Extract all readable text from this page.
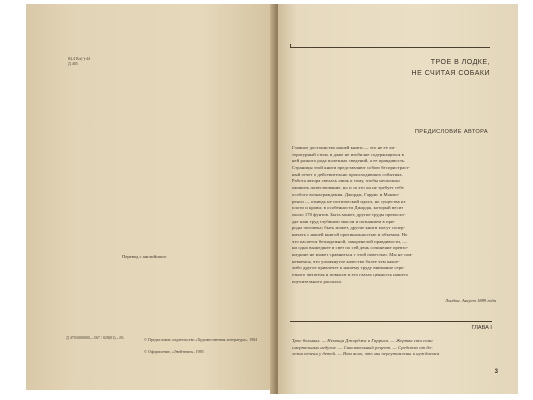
84.4 Вл(-)-44
Д 405
Перевод с английского
Д 4703000000—567 / 028(01)—83	© Предисловие, издательство «Художественная литература», 1984
© Оформление, «Эвейтюмн», 1985
ТРОЕ В ЛОДКЕ,
НЕ СЧИТАЯ СОБАКИ
ПРЕДИСЛОВИЕ АВТОРА
Главное достоинство нашей книги — это не ее ли-
тературный стиль и даже не изобилие содержащихся в
ней разного рода полезных сведений, а ее правдивость.
Страницы этой книги представляют собою беспристраст-
ный отчет о действительно происходивших событиях.
Работа автора свелась лишь к тому, чтобы несколько
оживить повествование, но и за это он не требует себе
особого вознаграждения. Джордж, Гаррис и Монмо-
ренси — отнюдь не поэтический идеал, но существа из
плоти и крови; в особенности Джордж, который весит
около 170 фунтов. Быть может, другие труды превосхо-
дят наш труд глубиною мысли и познанием в при-
роды человека; быть может, другие книги могут сопер-
ничать с нашей книгой оригинальностью и объемом. Но
что касается безнадежной, закоренелой правдивости, —
ни одно вышедшее в свет по сей день сочинение превзо-
шедшие не может сравниться с этой повестью. Мы не сом-
неваемся, что упомянутое качество более чем какое-
либо другое привлечет к нашему труду внимание серь-
езного читателя и повысит в его глазах ценность нашего
поучительного рассказа.
Лондон. Август 1889 года
ГЛАВА I
Трое больных. — Немощи Джорджа и Гарриса. — Жертва ста семи
смертельных недугов. — Спасительный рецепт. — Средство от бо-
лезни печени у детей. — Нам ясно, что мы переутомлены и нуждаемся
3
